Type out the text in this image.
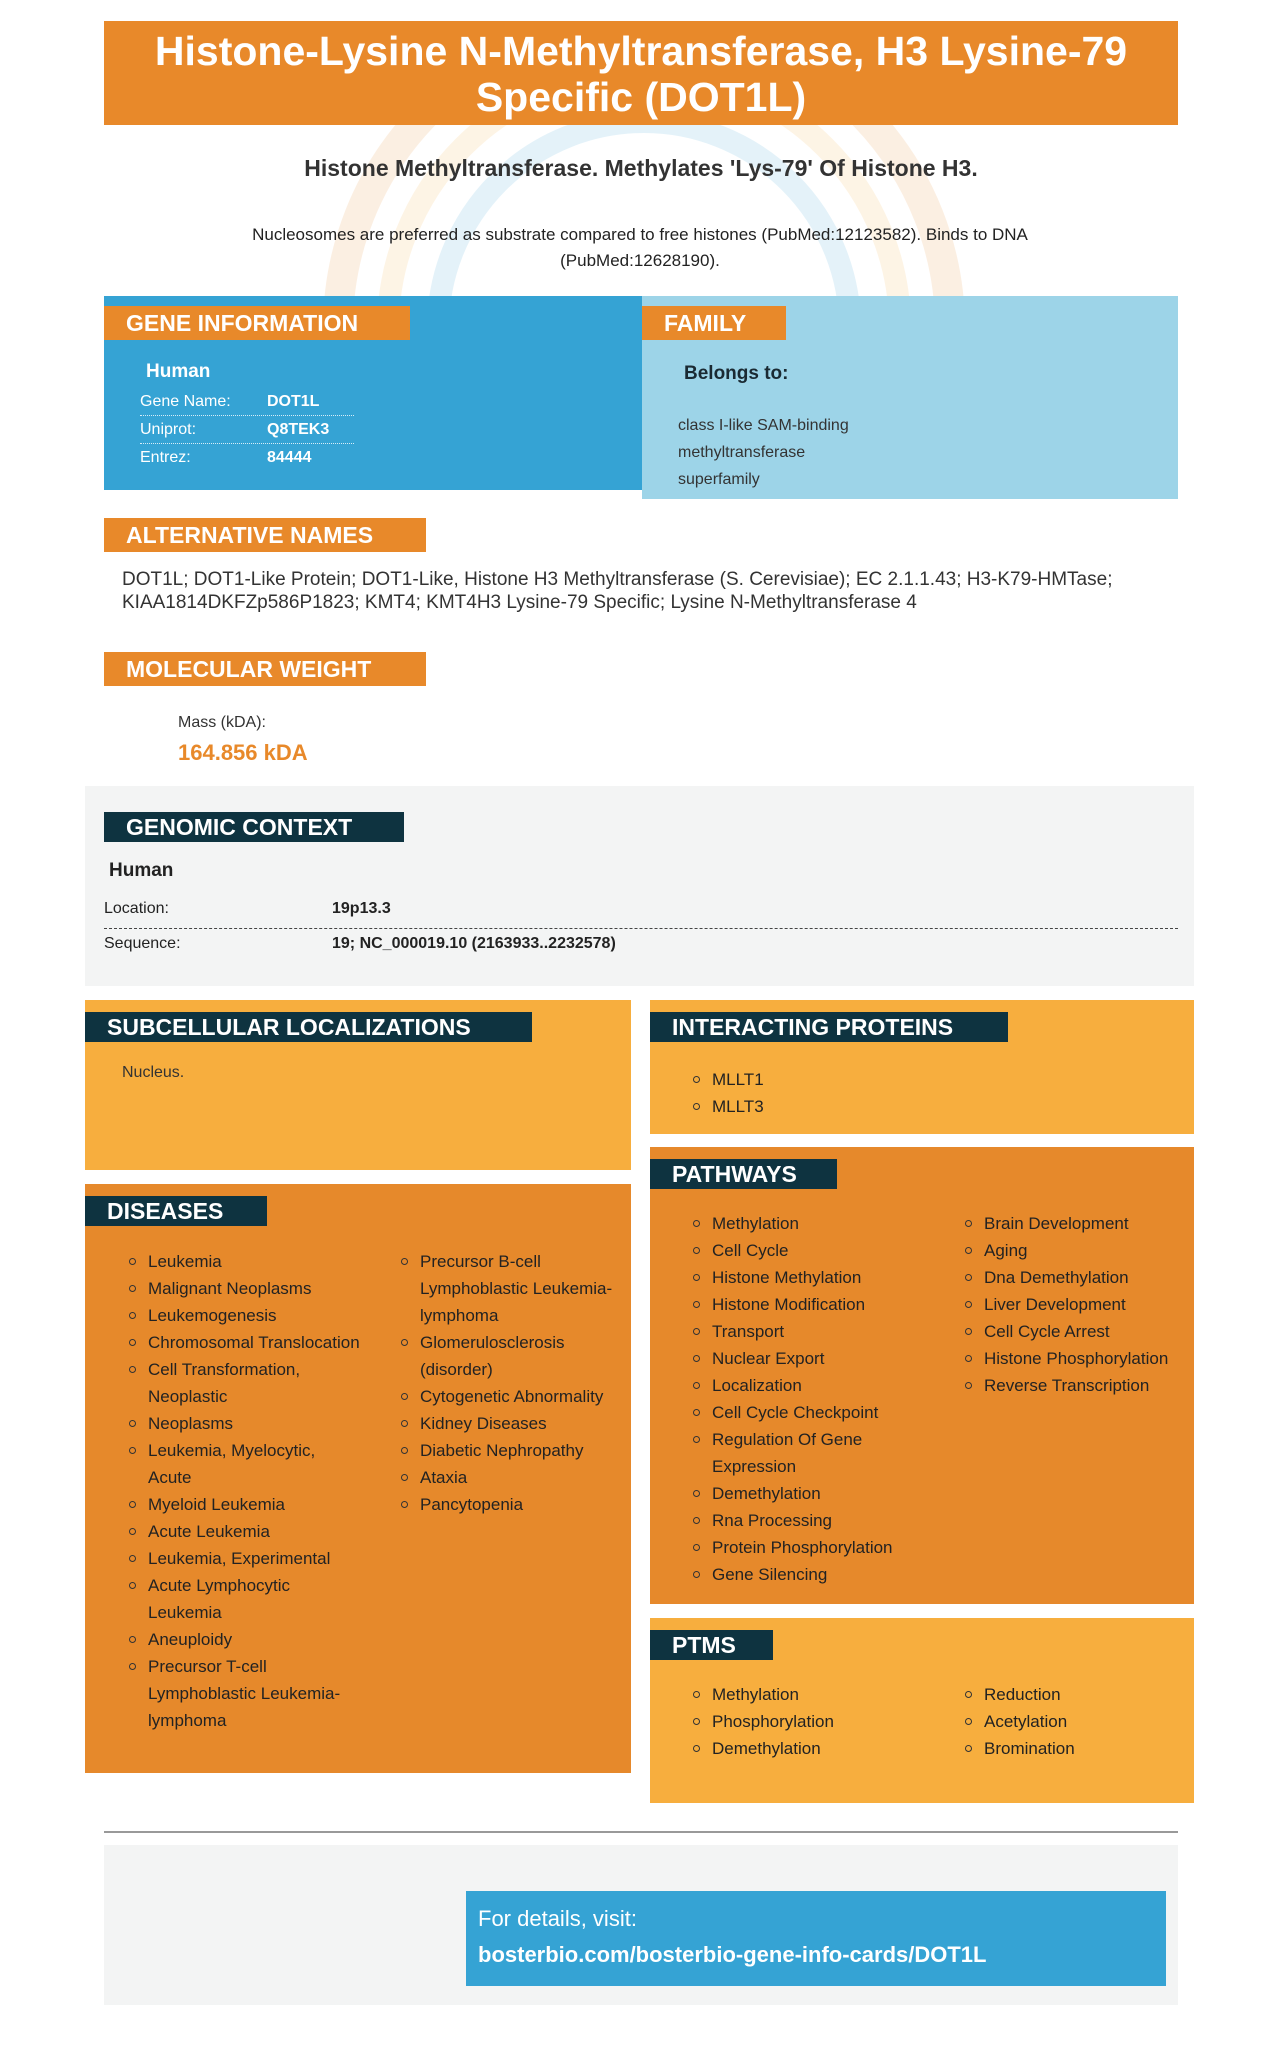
Histone-Lysine N-Methyltransferase, H3 Lysine-79 Specific (DOT1L)
Histone Methyltransferase. Methylates 'Lys-79' Of Histone H3.
Nucleosomes are preferred as substrate compared to free histones (PubMed:12123582). Binds to DNA (PubMed:12628190).
GENE INFORMATION
Human
Gene Name:	DOT1L
Uniprot:	Q8TEK3
Entrez:	84444
FAMILY
Belongs to:
class I-like SAM-binding
methyltransferase
superfamily
ALTERNATIVE NAMES
DOT1L; DOT1-Like Protein; DOT1-Like, Histone H3 Methyltransferase (S. Cerevisiae); EC 2.1.1.43; H3-K79-HMTase; KIAA1814DKFZp586P1823; KMT4; KMT4H3 Lysine-79 Specific; Lysine N-Methyltransferase 4
MOLECULAR WEIGHT
Mass (kDA):
164.856 kDA
GENOMIC CONTEXT
Human
Location:	19p13.3
Sequence:	19; NC_000019.10 (2163933..2232578)
SUBCELLULAR LOCALIZATIONS
Nucleus.
INTERACTING PROTEINS
MLLT1
MLLT3
DISEASES
Leukemia
Malignant Neoplasms
Leukemogenesis
Chromosomal Translocation
Cell Transformation, Neoplastic
Neoplasms
Leukemia, Myelocytic, Acute
Myeloid Leukemia
Acute Leukemia
Leukemia, Experimental
Acute Lymphocytic Leukemia
Aneuploidy
Precursor T-cell Lymphoblastic Leukemia-lymphoma
Precursor B-cell Lymphoblastic Leukemia-lymphoma
Glomerulosclerosis (disorder)
Cytogenetic Abnormality
Kidney Diseases
Diabetic Nephropathy
Ataxia
Pancytopenia
PATHWAYS
Methylation
Cell Cycle
Histone Methylation
Histone Modification
Transport
Nuclear Export
Localization
Cell Cycle Checkpoint
Regulation Of Gene Expression
Demethylation
Rna Processing
Protein Phosphorylation
Gene Silencing
Brain Development
Aging
Dna Demethylation
Liver Development
Cell Cycle Arrest
Histone Phosphorylation
Reverse Transcription
PTMS
Methylation
Phosphorylation
Demethylation
Reduction
Acetylation
Bromination
For details, visit:
bosterbio.com/bosterbio-gene-info-cards/DOT1L
